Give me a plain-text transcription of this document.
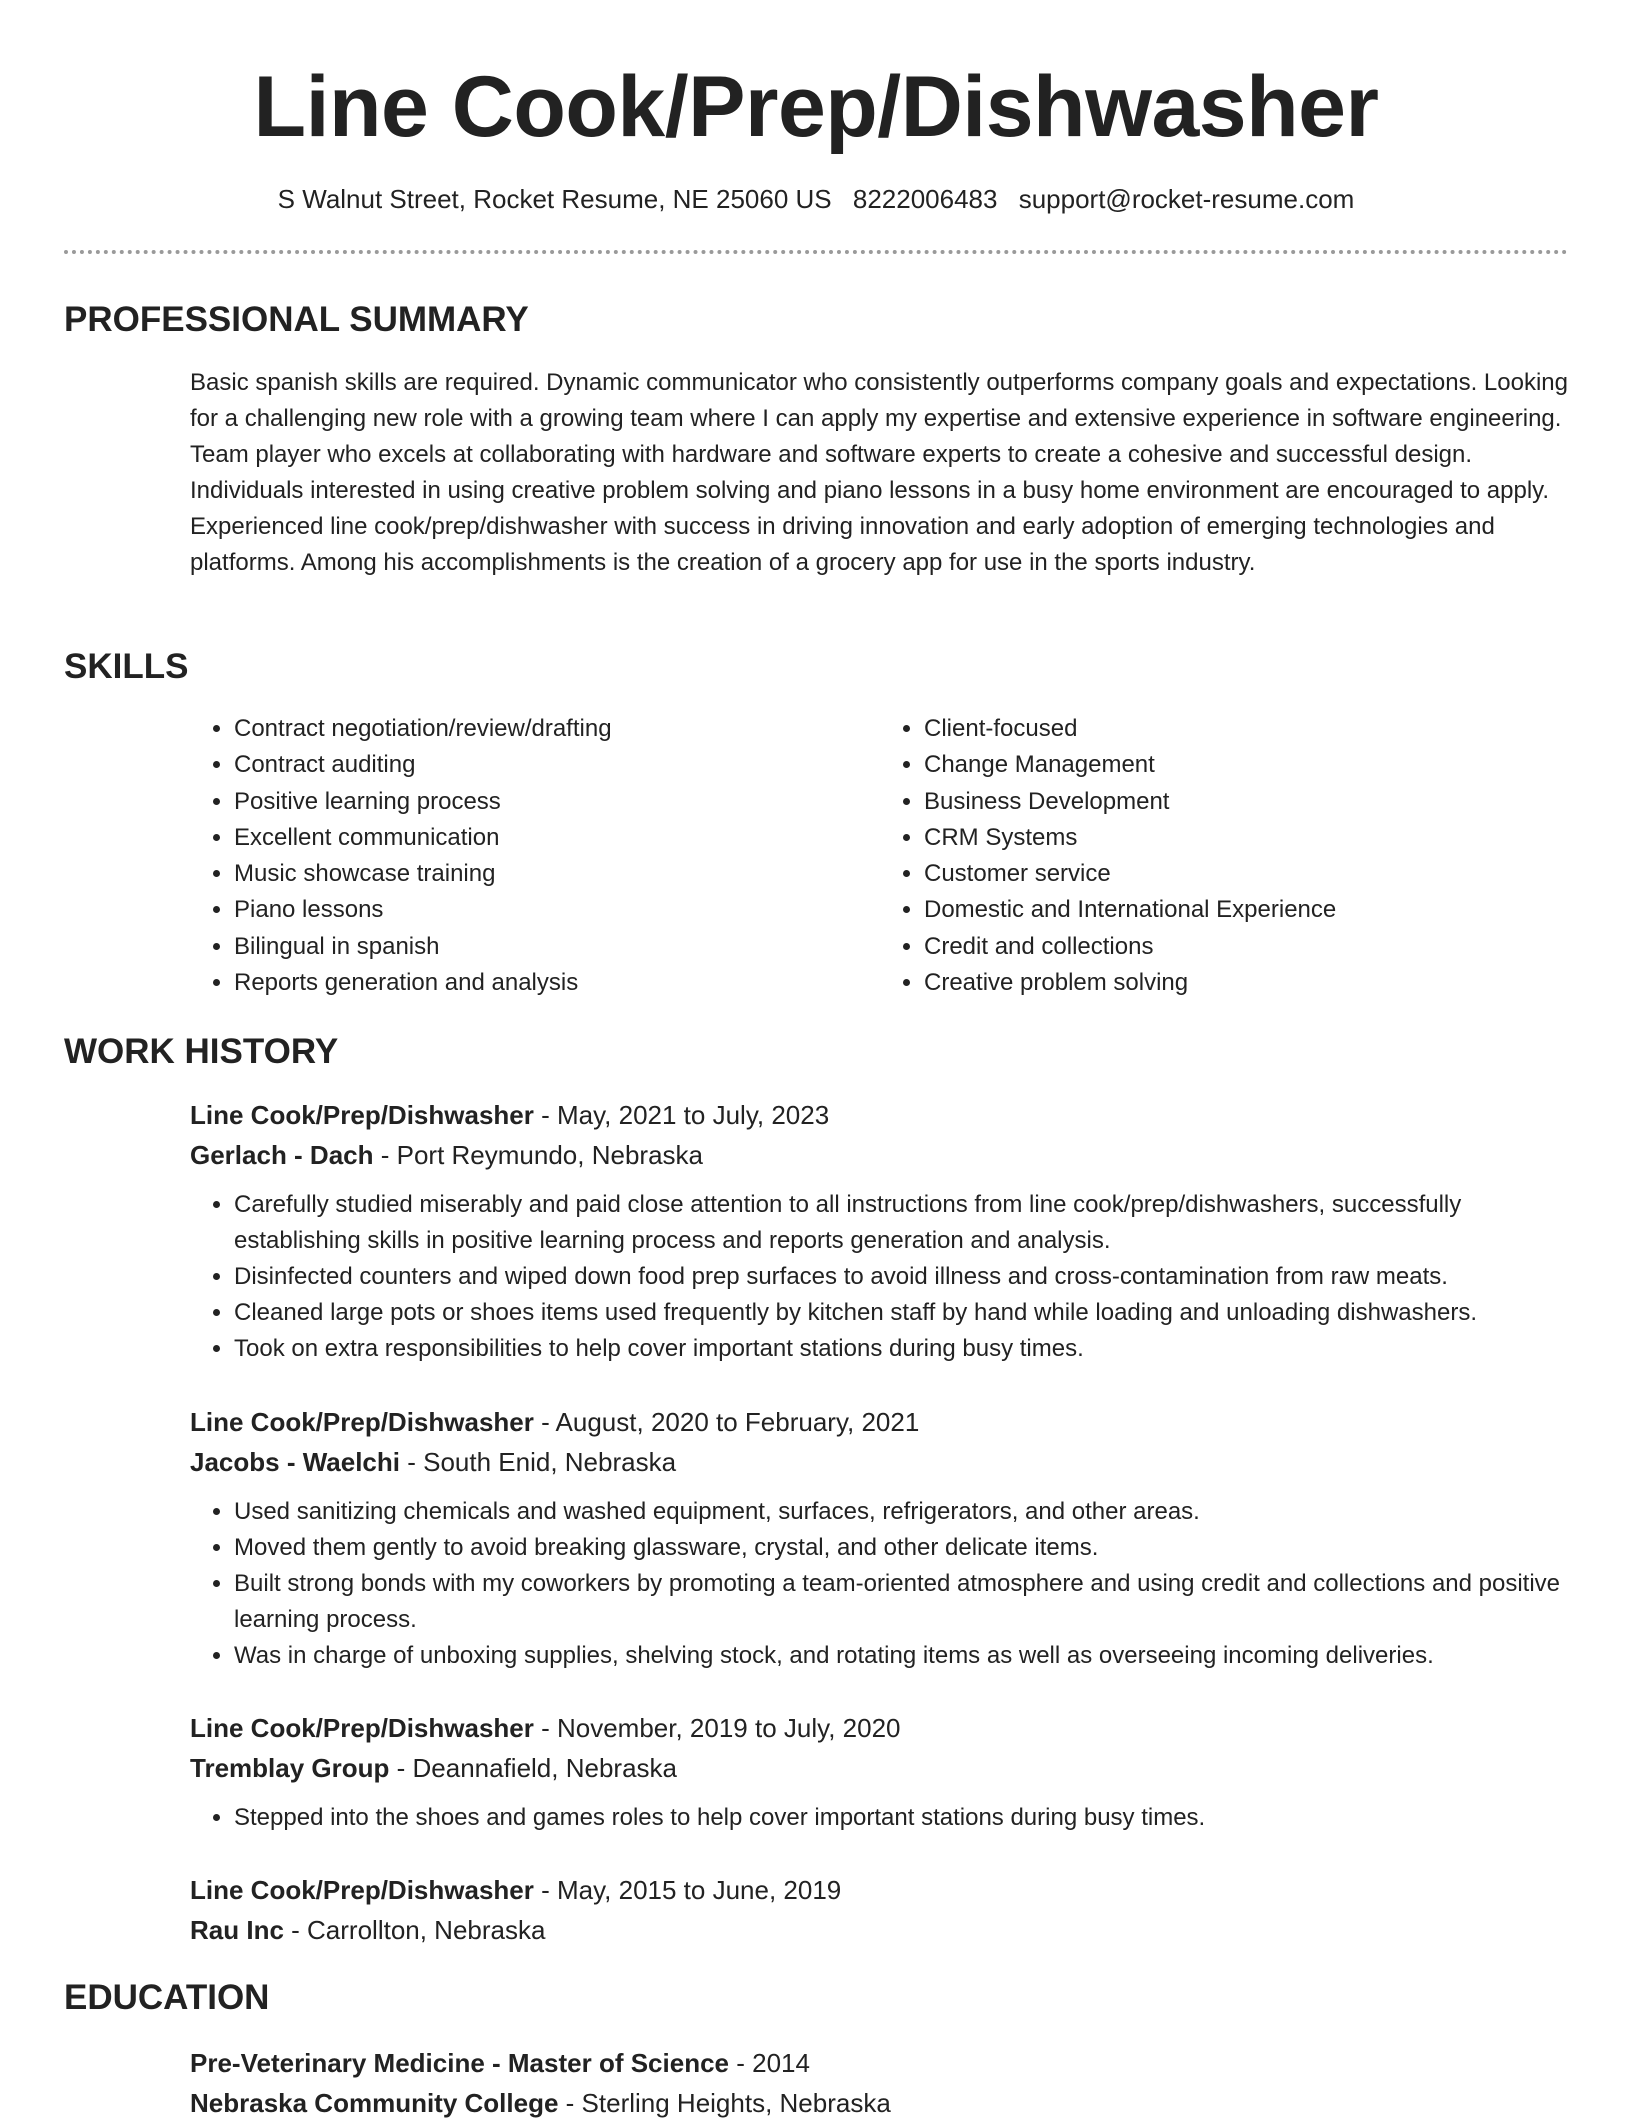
Line Cook/Prep/Dishwasher
S Walnut Street, Rocket Resume, NE 25060 US 8222006483 support@rocket-resume.com
PROFESSIONAL SUMMARY

Basic spanish skills are required. Dynamic communicator who consistently outperforms company goals and expectations. Looking for a challenging new role with a growing team where I can apply my expertise and extensive experience in software engineering. Team player who excels at collaborating with hardware and software experts to create a cohesive and successful design. Individuals interested in using creative problem solving and piano lessons in a busy home environment are encouraged to apply. Experienced line cook/prep/dishwasher with success in driving innovation and early adoption of emerging technologies and platforms. Among his accomplishments is the creation of a grocery app for use in the sports industry.

SKILLS
• Contract negotiation/review/drafting
• Contract auditing
• Positive learning process
• Excellent communication
• Music showcase training
• Piano lessons
• Bilingual in spanish
• Reports generation and analysis
• Client-focused
• Change Management
• Business Development
• CRM Systems
• Customer service
• Domestic and International Experience
• Credit and collections
• Creative problem solving
WORK HISTORY

Line Cook/Prep/Dishwasher - May, 2021 to July, 2023

Gerlach - Dach - Port Reymundo, Nebraska

• Carefully studied miserably and paid close attention to all instructions from line cook/prep/dishwashers, successfully establishing skills in positive learning process and reports generation and analysis.
• Disinfected counters and wiped down food prep surfaces to avoid illness and cross-contamination from raw meats.
• Cleaned large pots or shoes items used frequently by kitchen staff by hand while loading and unloading dishwashers.
• Took on extra responsibilities to help cover important stations during busy times.

Line Cook/Prep/Dishwasher - August, 2020 to February, 2021

Jacobs - Waelchi - South Enid, Nebraska

• Used sanitizing chemicals and washed equipment, surfaces, refrigerators, and other areas.
• Moved them gently to avoid breaking glassware, crystal, and other delicate items.
• Built strong bonds with my coworkers by promoting a team-oriented atmosphere and using credit and collections and positive learning process.
• Was in charge of unboxing supplies, shelving stock, and rotating items as well as overseeing incoming deliveries.

Line Cook/Prep/Dishwasher - November, 2019 to July, 2020

Tremblay Group - Deannafield, Nebraska

• Stepped into the shoes and games roles to help cover important stations during busy times.

Line Cook/Prep/Dishwasher - May, 2015 to June, 2019

Rau Inc - Carrollton, Nebraska

EDUCATION

Pre-Veterinary Medicine - Master of Science - 2014

Nebraska Community College - Sterling Heights, Nebraska
